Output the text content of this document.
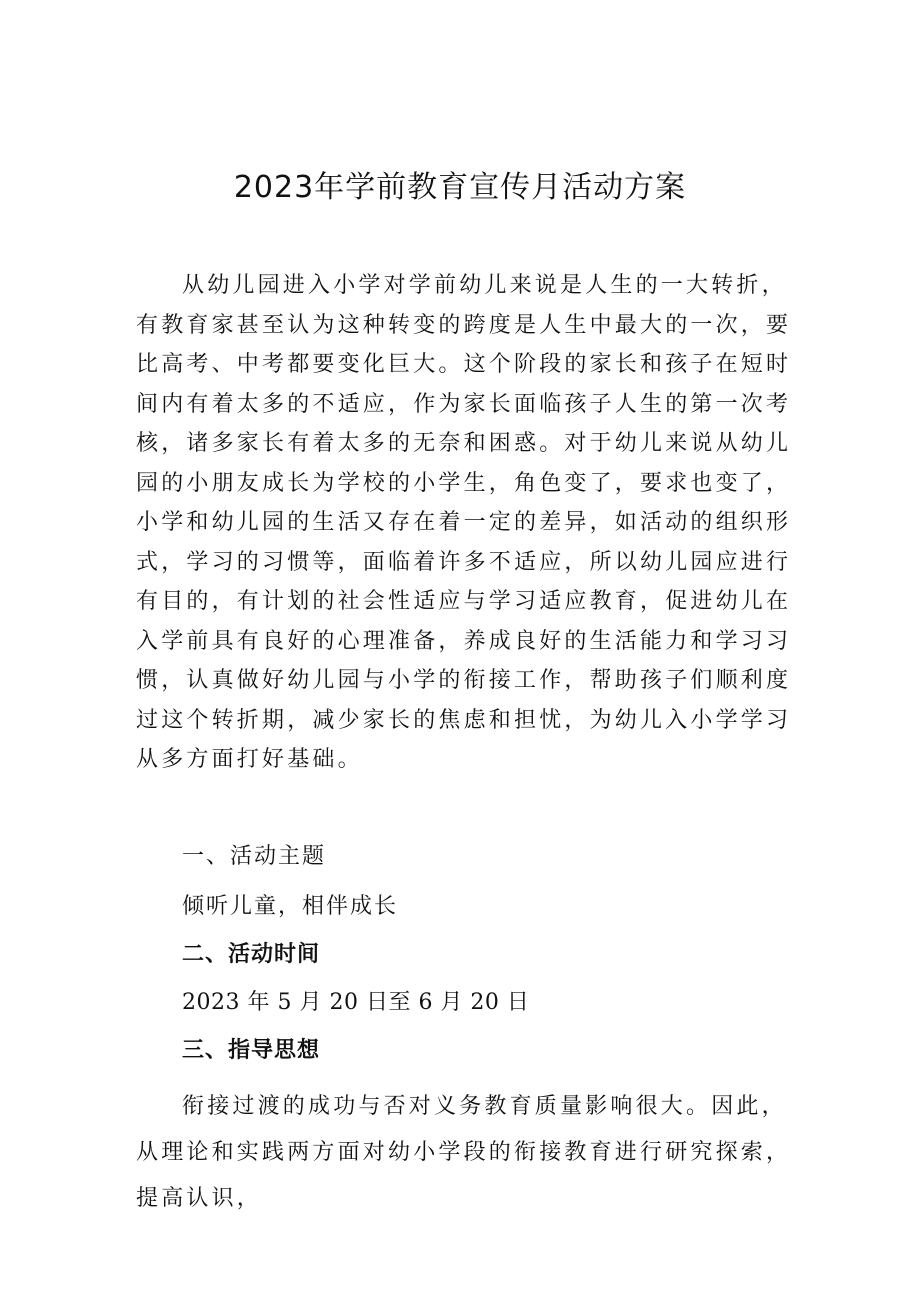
2023年学前教育宣传月活动方案
从幼儿园进入小学对学前幼儿来说是人生的一大转折，有教育家甚至认为这种转变的跨度是人生中最大的一次，要 比高考、中考都要变化巨大。这个阶段的家长和孩子在短时 间内有着太多的不适应，作为家长面临孩子人生的第一次考 核，诸多家长有着太多的无奈和困惑。对于幼儿来说从幼儿 园的小朋友成长为学校的小学生，角色变了，要求也变了， 小学和幼儿园的生活又存在着一定的差异，如活动的组织形 式，学习的习惯等，面临着许多不适应，所以幼儿园应进行 有目的，有计划的社会性适应与学习适应教育，促进幼儿在 入学前具有良好的心理准备，养成良好的生活能力和学习习 惯，认真做好幼儿园与小学的衔接工作，帮助孩子们顺利度 过这个转折期，减少家长的焦虑和担忧，为幼儿入小学学习 从多方面打好基础。
一、活动主题
倾听儿童，相伴成长
二、活动时间
2023 年 5 月 20 日至 6 月 20 日
三、指导思想
衔接过渡的成功与否对义务教育质量影响很大。因此，从理论和实践两方面对幼小学段的衔接教育进行研究探索，提高认识，
